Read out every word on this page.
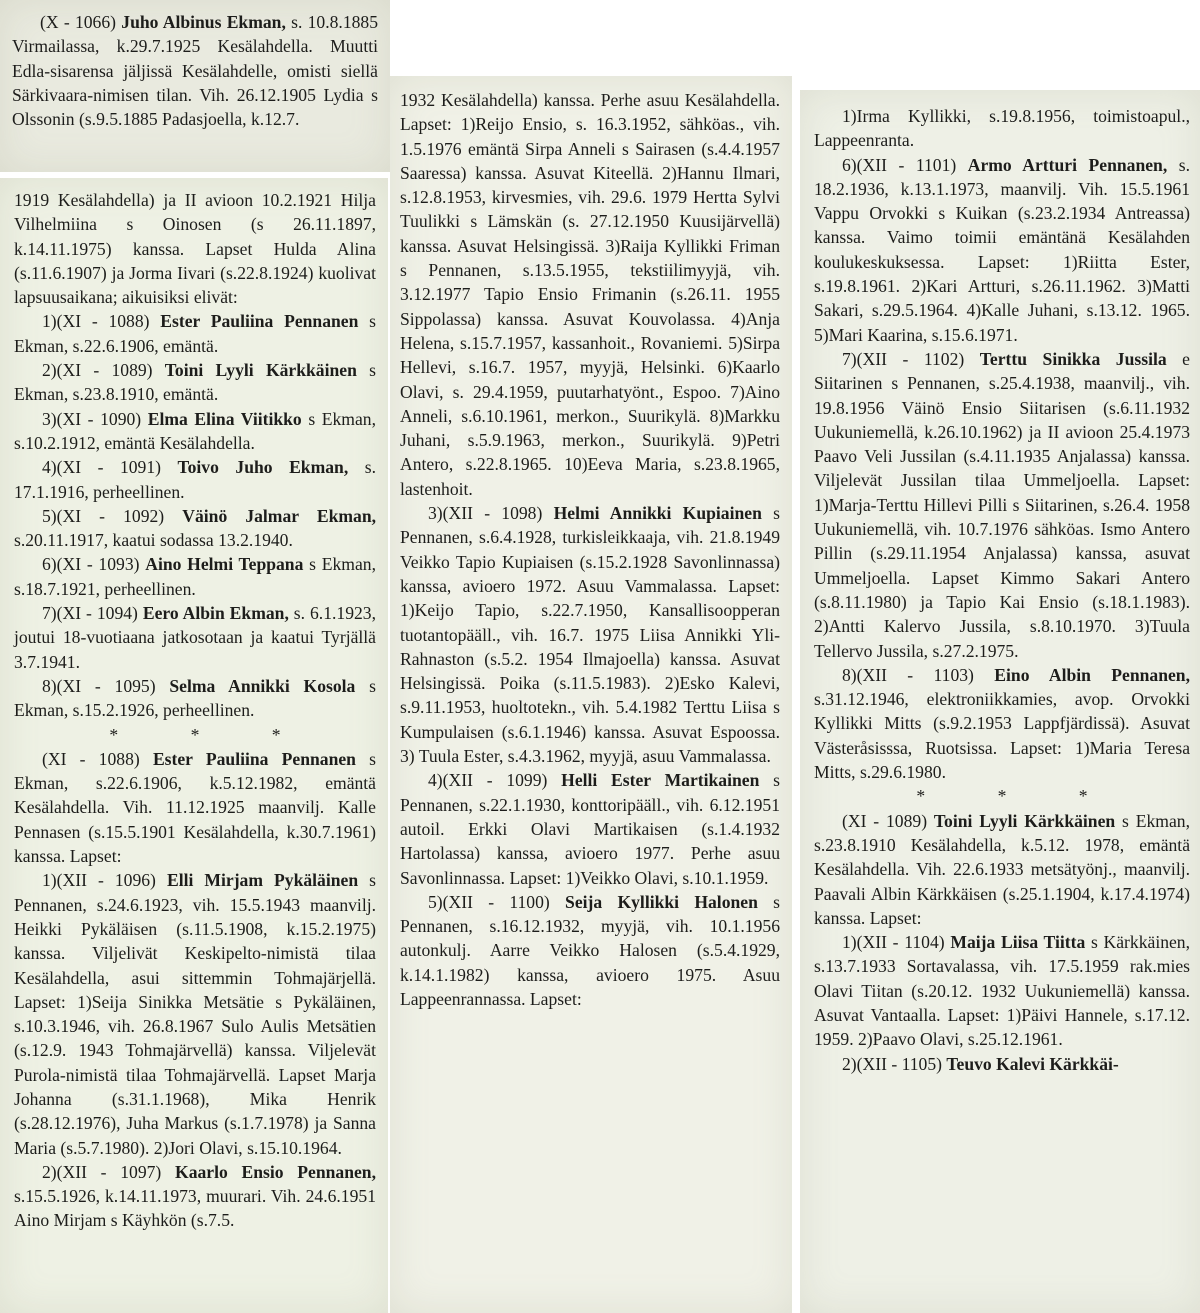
(X - 1066) Juho Albinus Ekman, s. 10.8.1885 Virmailassa, k.29.7.1925 Kesälahdella. Muutti Edla-sisarensa jäljissä Kesälahdelle, omisti siellä Särkivaara-nimisen tilan. Vih. 26.12.1905 Lydia s Olssonin (s.9.5.1885 Padasjoella, k.12.7.

1919 Kesälahdella) ja II avioon 10.2.1921 Hilja Vilhelmiina s Oinosen (s 26.11.1897, k.14.11.1975) kanssa. Lapset Hulda Alina (s.11.6.1907) ja Jorma Iivari (s.22.8.1924) kuolivat lapsuusaikana; aikuisiksi elivät:

1)(XI - 1088) Ester Pauliina Pennanen s Ekman, s.22.6.1906, emäntä.

2)(XI - 1089) Toini Lyyli Kärkkäinen s Ekman, s.23.8.1910, emäntä.

3)(XI - 1090) Elma Elina Viitikko s Ekman, s.10.2.1912, emäntä Kesälahdella.

4)(XI - 1091) Toivo Juho Ekman, s. 17.1.1916, perheellinen.

5)(XI - 1092) Väinö Jalmar Ekman, s.20.11.1917, kaatui sodassa 13.2.1940.

6)(XI - 1093) Aino Helmi Teppana s Ekman, s.18.7.1921, perheellinen.

7)(XI - 1094) Eero Albin Ekman, s. 6.1.1923, joutui 18-vuotiaana jatkosotaan ja kaatui Tyrjällä 3.7.1941.

8)(XI - 1095) Selma Annikki Kosola s Ekman, s.15.2.1926, perheellinen.

* * *

(XI - 1088) Ester Pauliina Pennanen s Ekman, s.22.6.1906, k.5.12.1982, emäntä Kesälahdella. Vih. 11.12.1925 maanvilj. Kalle Pennasen (s.15.5.1901 Kesälahdella, k.30.7.1961) kanssa. Lapset:

1)(XII - 1096) Elli Mirjam Pykäläinen s Pennanen, s.24.6.1923, vih. 15.5.1943 maanvilj. Heikki Pykäläisen (s.11.5.1908, k.15.2.1975) kanssa. Viljelivät Keskipelto-nimistä tilaa Kesälahdella, asui sittemmin Tohmajärjellä. Lapset: 1)Seija Sinikka Metsätie s Pykäläinen, s.10.3.1946, vih. 26.8.1967 Sulo Aulis Metsätien (s.12.9. 1943 Tohmajärvellä) kanssa. Viljelevät Purola-nimistä tilaa Tohmajärvellä. Lapset Marja Johanna (s.31.1.1968), Mika Henrik (s.28.12.1976), Juha Markus (s.1.7.1978) ja Sanna Maria (s.5.7.1980). 2)Jori Olavi, s.15.10.1964.

2)(XII - 1097) Kaarlo Ensio Pennanen, s.15.5.1926, k.14.11.1973, muurari. Vih. 24.6.1951 Aino Mirjam s Käyhkön (s.7.5.

1932 Kesälahdella) kanssa. Perhe asuu Kesälahdella. Lapset: 1)Reijo Ensio, s. 16.3.1952, sähköas., vih. 1.5.1976 emäntä Sirpa Anneli s Sairasen (s.4.4.1957 Saaressa) kanssa. Asuvat Kiteellä. 2)Hannu Ilmari, s.12.8.1953, kirvesmies, vih. 29.6. 1979 Hertta Sylvi Tuulikki s Lämskän (s. 27.12.1950 Kuusijärvellä) kanssa. Asuvat Helsingissä. 3)Raija Kyllikki Friman s Pennanen, s.13.5.1955, tekstiilimyyjä, vih. 3.12.1977 Tapio Ensio Frimanin (s.26.11. 1955 Sippolassa) kanssa. Asuvat Kouvolassa. 4)Anja Helena, s.15.7.1957, kassanhoit., Rovaniemi. 5)Sirpa Hellevi, s.16.7. 1957, myyjä, Helsinki. 6)Kaarlo Olavi, s. 29.4.1959, puutarhatyönt., Espoo. 7)Aino Anneli, s.6.10.1961, merkon., Suurikylä. 8)Markku Juhani, s.5.9.1963, merkon., Suurikylä. 9)Petri Antero, s.22.8.1965. 10)Eeva Maria, s.23.8.1965, lastenhoit.

3)(XII - 1098) Helmi Annikki Kupiainen s Pennanen, s.6.4.1928, turkisleikkaaja, vih. 21.8.1949 Veikko Tapio Kupiaisen (s.15.2.1928 Savonlinnassa) kanssa, avioero 1972. Asuu Vammalassa. Lapset: 1)Keijo Tapio, s.22.7.1950, Kansallisoopperan tuotantopääll., vih. 16.7. 1975 Liisa Annikki Yli-Rahnaston (s.5.2. 1954 Ilmajoella) kanssa. Asuvat Helsingissä. Poika (s.11.5.1983). 2)Esko Kalevi, s.9.11.1953, huoltotekn., vih. 5.4.1982 Terttu Liisa s Kumpulaisen (s.6.1.1946) kanssa. Asuvat Espoossa. 3) Tuula Ester, s.4.3.1962, myyjä, asuu Vammalassa.

4)(XII - 1099) Helli Ester Martikainen s Pennanen, s.22.1.1930, konttoripääll., vih. 6.12.1951 autoil. Erkki Olavi Martikaisen (s.1.4.1932 Hartolassa) kanssa, avioero 1977. Perhe asuu Savonlinnassa. Lapset: 1)Veikko Olavi, s.10.1.1959.

5)(XII - 1100) Seija Kyllikki Halonen s Pennanen, s.16.12.1932, myyjä, vih. 10.1.1956 autonkulj. Aarre Veikko Halosen (s.5.4.1929, k.14.1.1982) kanssa, avioero 1975. Asuu Lappeenrannassa. Lapset:

1)Irma Kyllikki, s.19.8.1956, toimistoapul., Lappeenranta.

6)(XII - 1101) Armo Artturi Pennanen, s. 18.2.1936, k.13.1.1973, maanvilj. Vih. 15.5.1961 Vappu Orvokki s Kuikan (s.23.2.1934 Antreassa) kanssa. Vaimo toimii emäntänä Kesälahden koulukeskuksessa. Lapset: 1)Riitta Ester, s.19.8.1961. 2)Kari Artturi, s.26.11.1962. 3)Matti Sakari, s.29.5.1964. 4)Kalle Juhani, s.13.12. 1965. 5)Mari Kaarina, s.15.6.1971.

7)(XII - 1102) Terttu Sinikka Jussila e Siitarinen s Pennanen, s.25.4.1938, maanvilj., vih. 19.8.1956 Väinö Ensio Siitarisen (s.6.11.1932 Uukuniemellä, k.26.10.1962) ja II avioon 25.4.1973 Paavo Veli Jussilan (s.4.11.1935 Anjalassa) kanssa. Viljelevät Jussilan tilaa Ummeljoella. Lapset: 1)Marja-Terttu Hillevi Pilli s Siitarinen, s.26.4. 1958 Uukuniemellä, vih. 10.7.1976 sähköas. Ismo Antero Pillin (s.29.11.1954 Anjalassa) kanssa, asuvat Ummeljoella. Lapset Kimmo Sakari Antero (s.8.11.1980) ja Tapio Kai Ensio (s.18.1.1983). 2)Antti Kalervo Jussila, s.8.10.1970. 3)Tuula Tellervo Jussila, s.27.2.1975.

8)(XII - 1103) Eino Albin Pennanen, s.31.12.1946, elektroniikkamies, avop. Orvokki Kyllikki Mitts (s.9.2.1953 Lappfjärdissä). Asuvat Västeråsisssa, Ruotsissa. Lapset: 1)Maria Teresa Mitts, s.29.6.1980.

* * *

(XI - 1089) Toini Lyyli Kärkkäinen s Ekman, s.23.8.1910 Kesälahdella, k.5.12. 1978, emäntä Kesälahdella. Vih. 22.6.1933 metsätyönj., maanvilj. Paavali Albin Kärkkäisen (s.25.1.1904, k.17.4.1974) kanssa. Lapset:

1)(XII - 1104) Maija Liisa Tiitta s Kärkkäinen, s.13.7.1933 Sortavalassa, vih. 17.5.1959 rak.mies Olavi Tiitan (s.20.12. 1932 Uukuniemellä) kanssa. Asuvat Vantaalla. Lapset: 1)Päivi Hannele, s.17.12. 1959. 2)Paavo Olavi, s.25.12.1961.

2)(XII - 1105) Teuvo Kalevi Kärkkäi-
